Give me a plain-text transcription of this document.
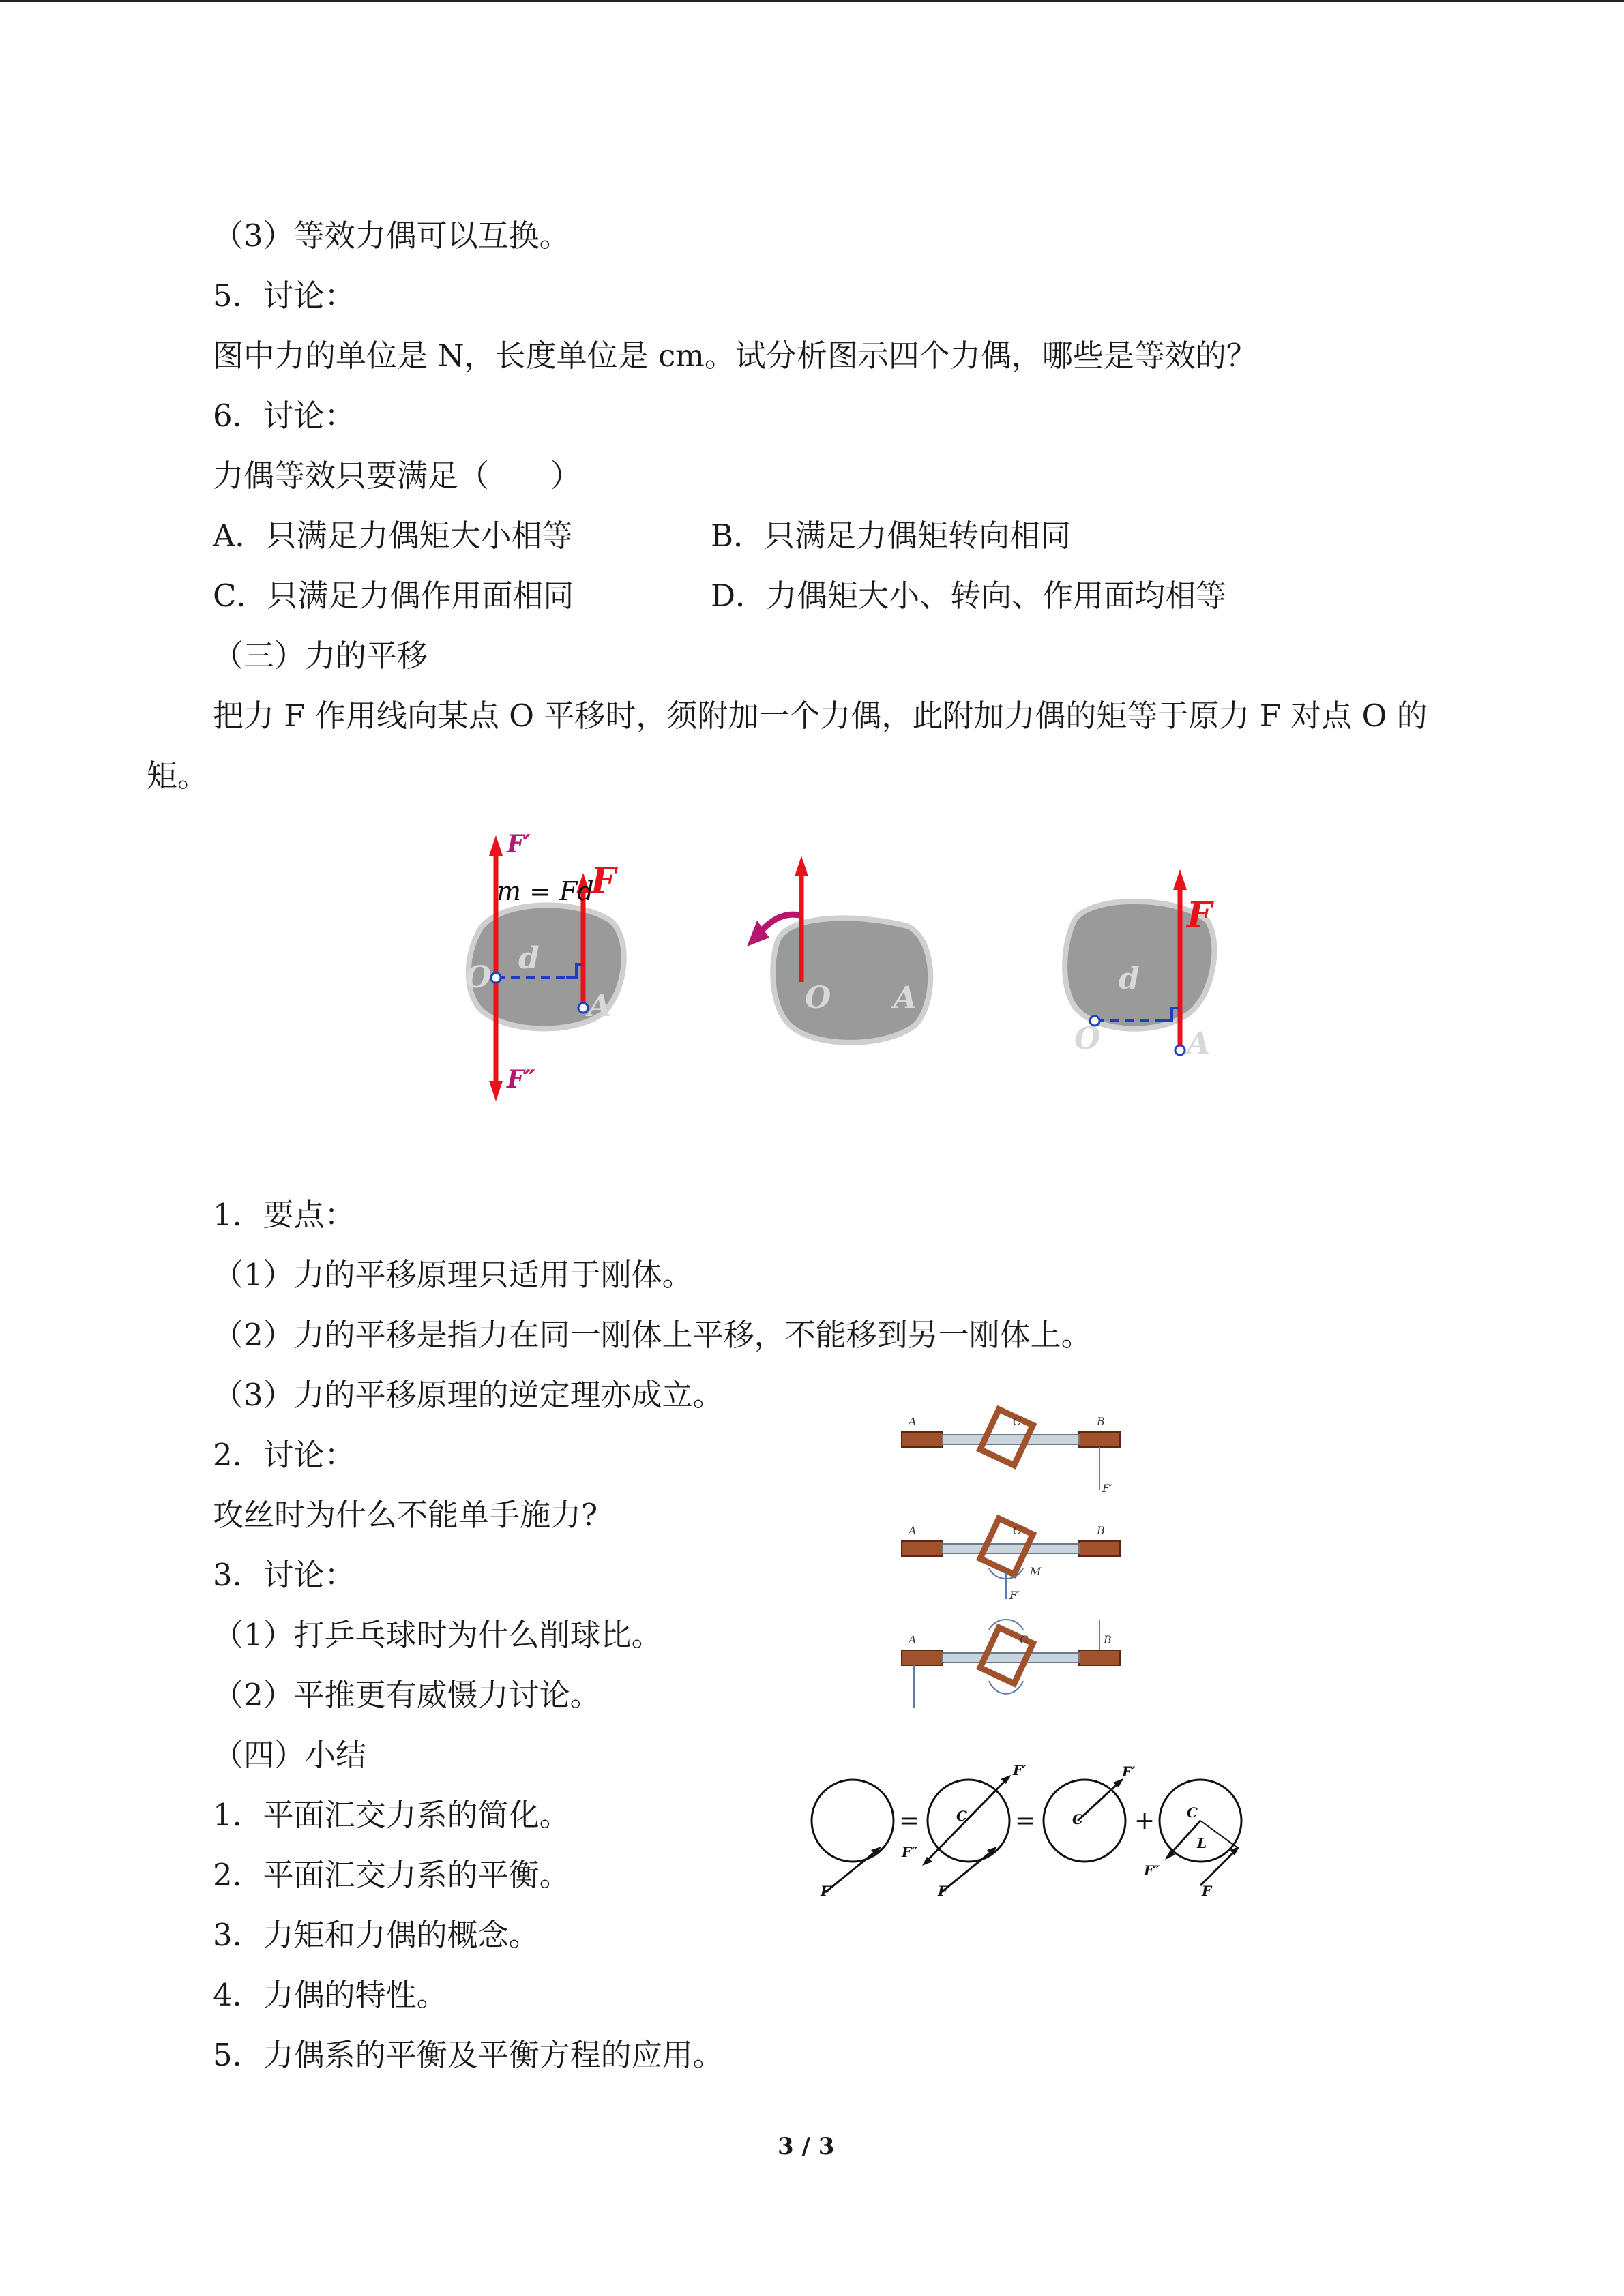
（3）等效力偶可以互换。
5．讨论：
图中力的单位是 N，长度单位是 cm。试分析图示四个力偶，哪些是等效的？
6．讨论：
力偶等效只要满足（　　）
A．只满足力偶矩大小相等	B．只满足力偶矩转向相同
C．只满足力偶作用面相同	D．力偶矩大小、转向、作用面均相等
（三）力的平移
把力 F 作用线向某点 O 平移时，须附加一个力偶，此附加力偶的矩等于原力 F 对点 O 的
矩。
F′
F″
m = Fd
F
O
d
A	O A
F
d
O	A
1．要点：
（1）力的平移原理只适用于刚体。
（2）力的平移是指力在同一刚体上平移，不能移到另一刚体上。
（3）力的平移原理的逆定理亦成立。
2．讨论：
攻丝时为什么不能单手施力?
3．讨论：
（1）打乒乓球时为什么削球比。
（2）平推更有威慑力讨论。
（四）小结
1．平面汇交力系的简化。
2．平面汇交力系的平衡。
3．力矩和力偶的概念。
4．力偶的特性。
5．力偶系的平衡及平衡方程的应用。
A	C	B
F′
A	C	B
M
F′
A	C	B
F
=	C
F′
F″
F
=	C
F′
+ C
L
F″
F
3 / 3
